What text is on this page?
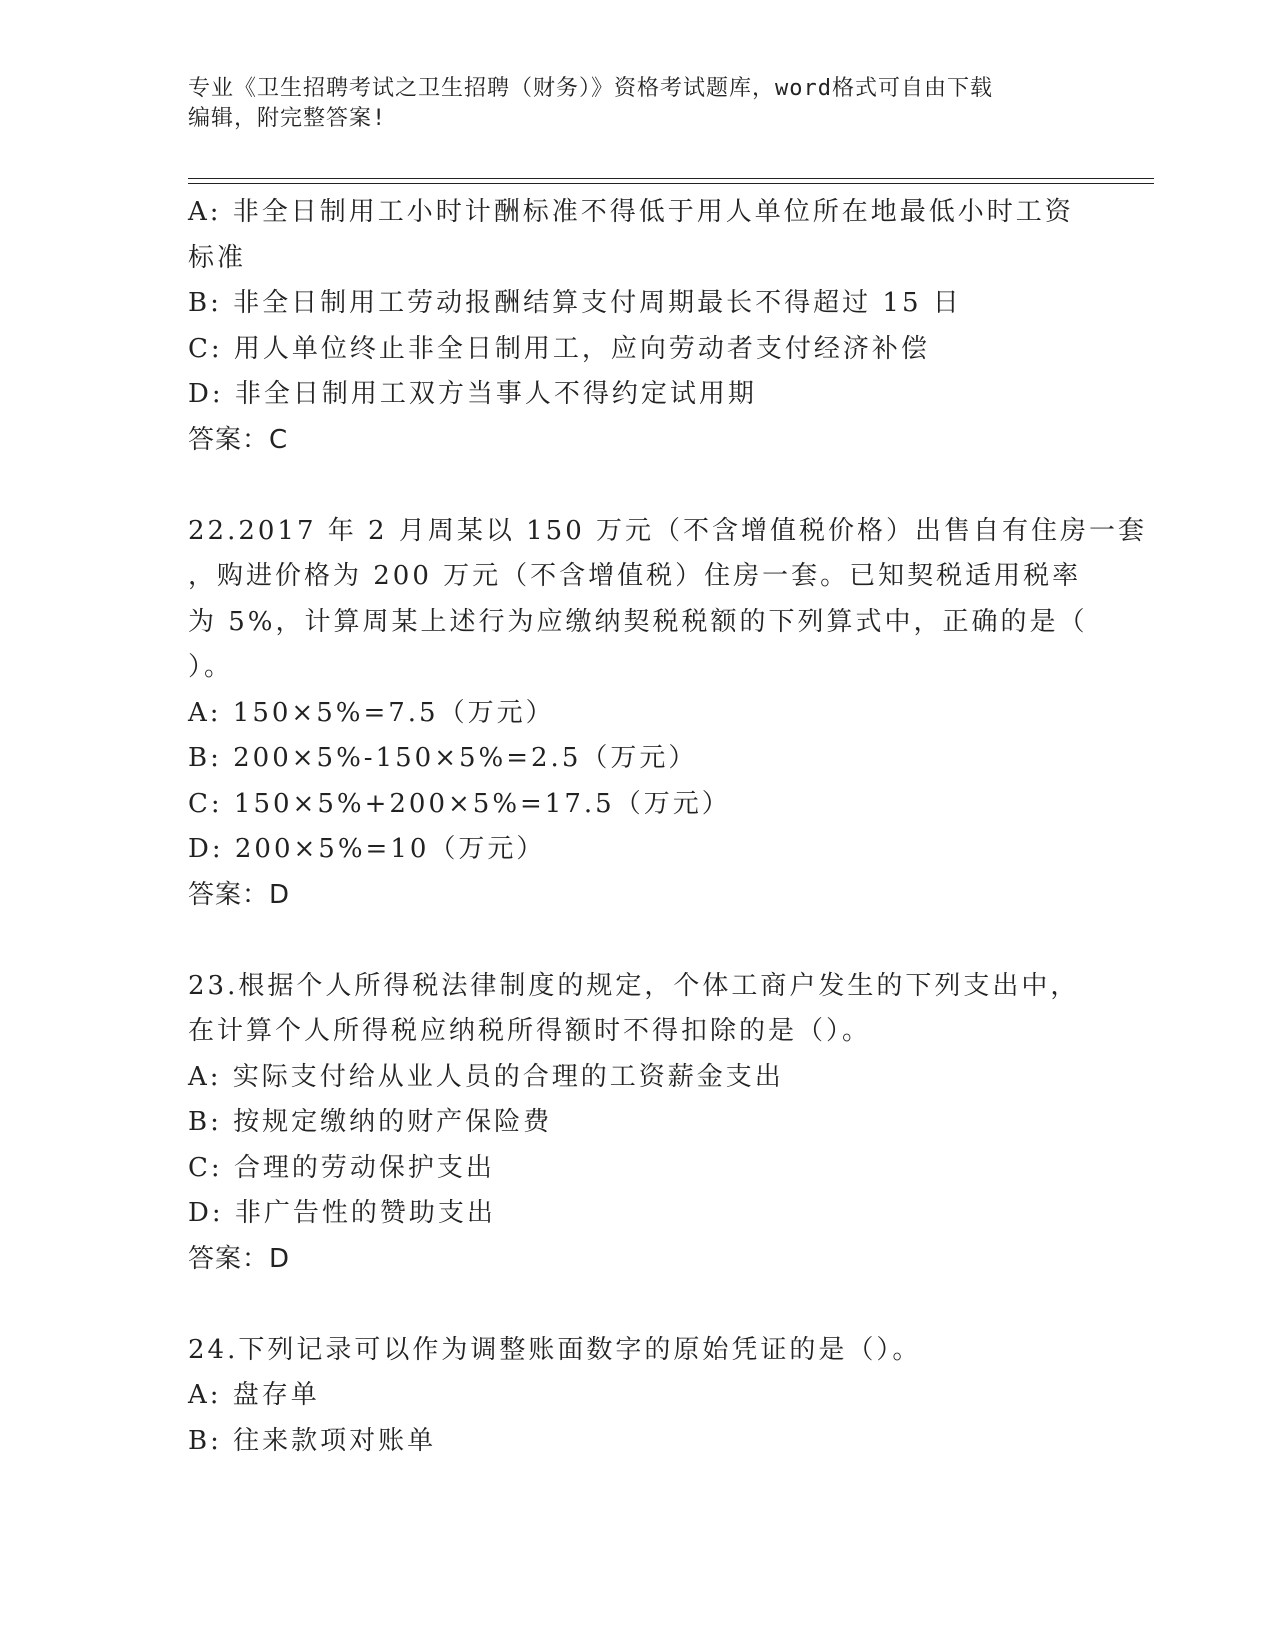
专业《卫生招聘考试之卫生招聘（财务）》资格考试题库，word格式可自由下载
编辑，附完整答案!
A: 非全日制用工小时计酬标准不得低于用人单位所在地最低小时工资
标准
B: 非全日制用工劳动报酬结算支付周期最长不得超过 15 日
C: 用人单位终止非全日制用工，应向劳动者支付经济补偿
D: 非全日制用工双方当事人不得约定试用期
答案：C
22.2017 年 2 月周某以 150 万元（不含增值税价格）出售自有住房一套
，购进价格为 200 万元（不含增值税）住房一套。已知契税适用税率
为 5%，计算周某上述行为应缴纳契税税额的下列算式中，正确的是（
）。
A: 150×5%=7.5（万元）
B: 200×5%-150×5%=2.5（万元）
C: 150×5%+200×5%=17.5（万元）
D: 200×5%=10（万元）
答案：D
23.根据个人所得税法律制度的规定，个体工商户发生的下列支出中，
在计算个人所得税应纳税所得额时不得扣除的是（）。
A: 实际支付给从业人员的合理的工资薪金支出
B: 按规定缴纳的财产保险费
C: 合理的劳动保护支出
D: 非广告性的赞助支出
答案：D
24.下列记录可以作为调整账面数字的原始凭证的是（）。
A: 盘存单
B: 往来款项对账单
